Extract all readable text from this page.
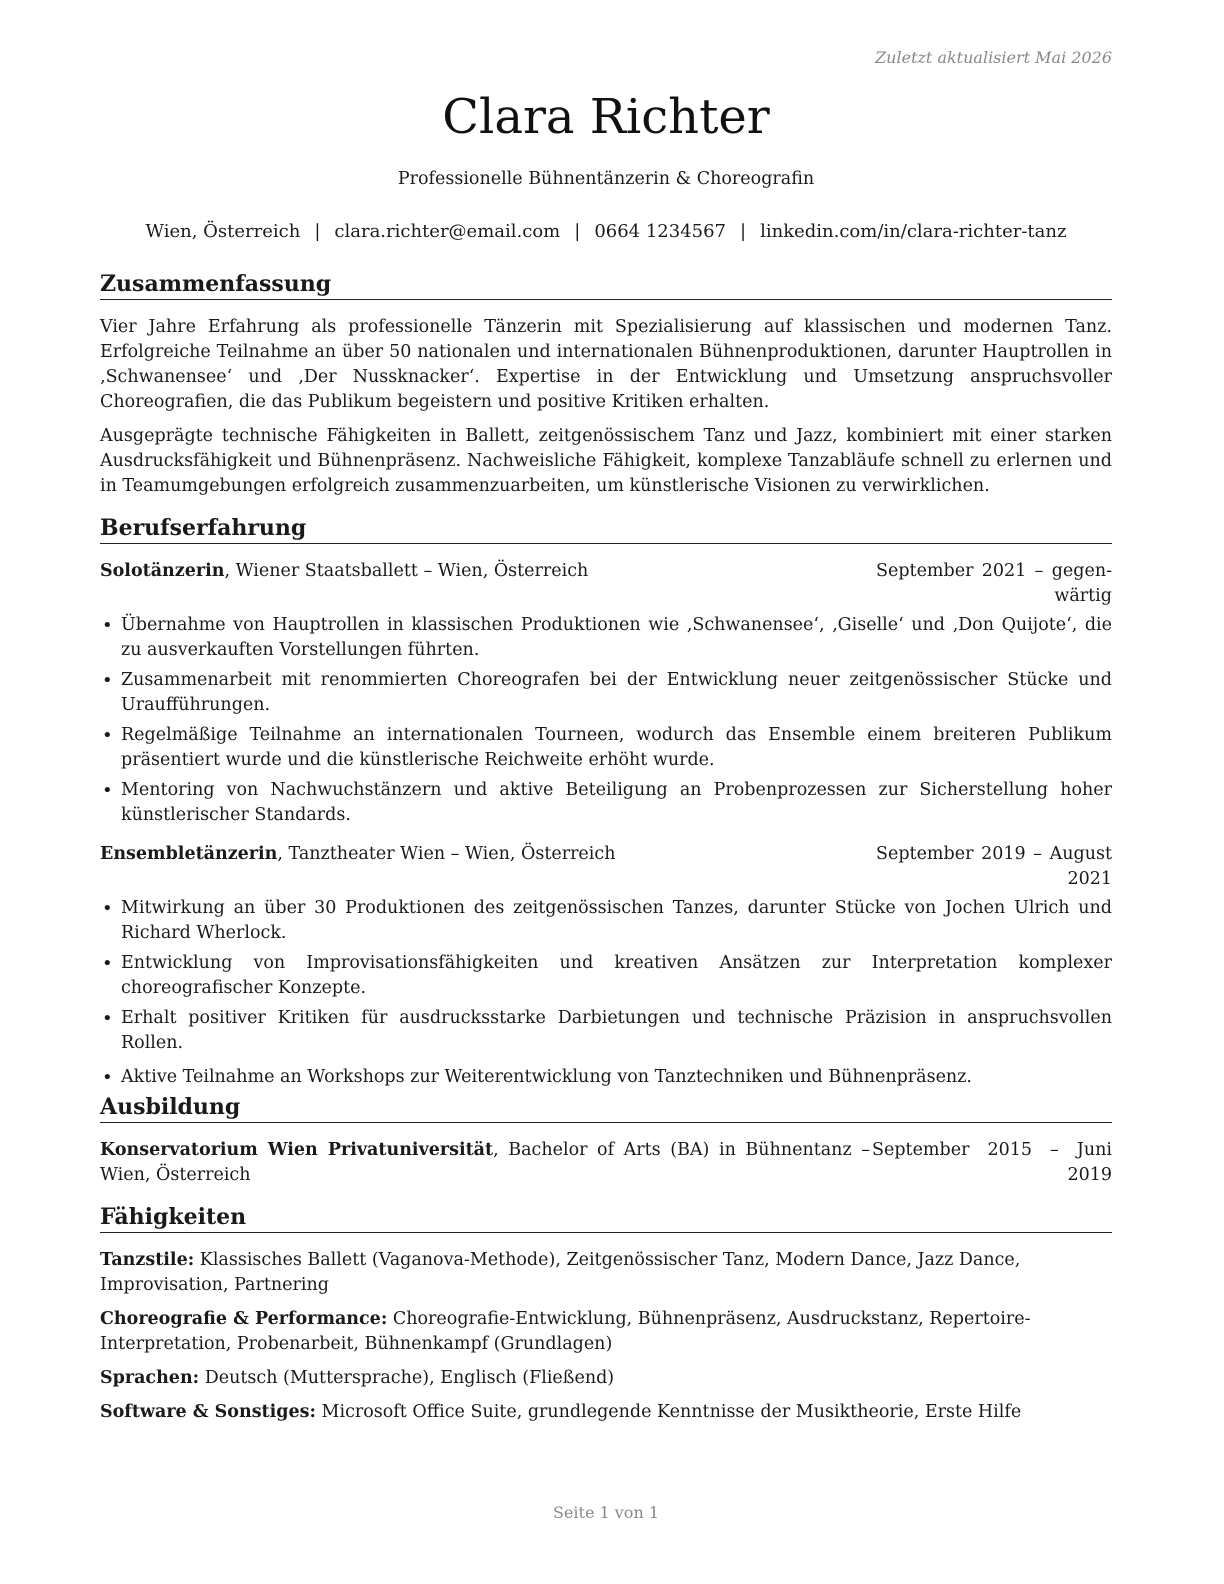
Zuletzt aktualisiert Mai 2026
Clara Richter
Professionelle Bühnentänzerin & Choreografin
Wien, Österreich | clara.richter@email.com | 0664 1234567 | linkedin.com/in/clara-richter-tanz
Zusammenfassung

Vier Jahre Erfahrung als professionelle Tänzerin mit Spezialisierung auf klassischen und modernen Tanz. Erfolgreiche Teilnahme an über 50 nationalen und internationalen Bühnenproduktionen, darunter Hauptrollen in ‚Schwanensee‘ und ‚Der Nussknacker‘. Expertise in der Entwicklung und Umsetzung anspruchsvoller Choreografien, die das Publikum begeistern und positive Kritiken erhalten.

Ausgeprägte technische Fähigkeiten in Ballett, zeitgenössischem Tanz und Jazz, kombiniert mit einer starken Ausdrucksfähigkeit und Bühnenpräsenz. Nachweisliche Fähigkeit, komplexe Tanzabläufe schnell zu erlernen und in Teamumgebungen erfolgreich zusammenzuarbeiten, um künstlerische Visionen zu verwirklichen.

Berufserfahrung
Solotänzerin, Wiener Staatsballett – Wien, Österreich	September 2021 – gegen- wärtig
• Übernahme von Hauptrollen in klassischen Produktionen wie ‚Schwanensee‘, ‚Giselle‘ und ‚Don Quijote‘, die zu ausverkauften Vorstellungen führten.
• Zusammenarbeit mit renommierten Choreografen bei der Entwicklung neuer zeitgenössischer Stücke und Uraufführungen.
• Regelmäßige Teilnahme an internationalen Tourneen, wodurch das Ensemble einem breiteren Publikum präsentiert wurde und die künstlerische Reichweite erhöht wurde.
• Mentoring von Nachwuchstänzern und aktive Beteiligung an Probenprozessen zur Sicherstellung hoher künstlerischer Standards.
Ensembletänzerin, Tanztheater Wien – Wien, Österreich	September 2019 – August 2021
• Mitwirkung an über 30 Produktionen des zeitgenössischen Tanzes, darunter Stücke von Jochen Ulrich und Richard Wherlock.
• Entwicklung von Improvisationsfähigkeiten und kreativen Ansätzen zur Interpretation komplexer choreografischer Konzepte.
• Erhalt positiver Kritiken für ausdrucksstarke Darbietungen und technische Präzision in anspruchsvollen Rollen.
• Aktive Teilnahme an Workshops zur Weiterentwicklung von Tanztechniken und Bühnenpräsenz.
Ausbildung
Konservatorium Wien Privatuniversität, Bachelor of Arts (BA) in Bühnentanz – Wien, Österreich
September 2015 – Juni 2019
Fähigkeiten

Tanzstile: Klassisches Ballett (Vaganova-Methode), Zeitgenössischer Tanz, Modern Dance, Jazz Dance, Improvisation, Partnering

Choreografie & Performance: Choreografie-Entwicklung, Bühnenpräsenz, Ausdruckstanz, Repertoire-Interpretation, Probenarbeit, Bühnenkampf (Grundlagen)

Sprachen: Deutsch (Muttersprache), Englisch (Fließend)

Software & Sonstiges: Microsoft Office Suite, grundlegende Kenntnisse der Musiktheorie, Erste Hilfe

Seite 1 von 1
